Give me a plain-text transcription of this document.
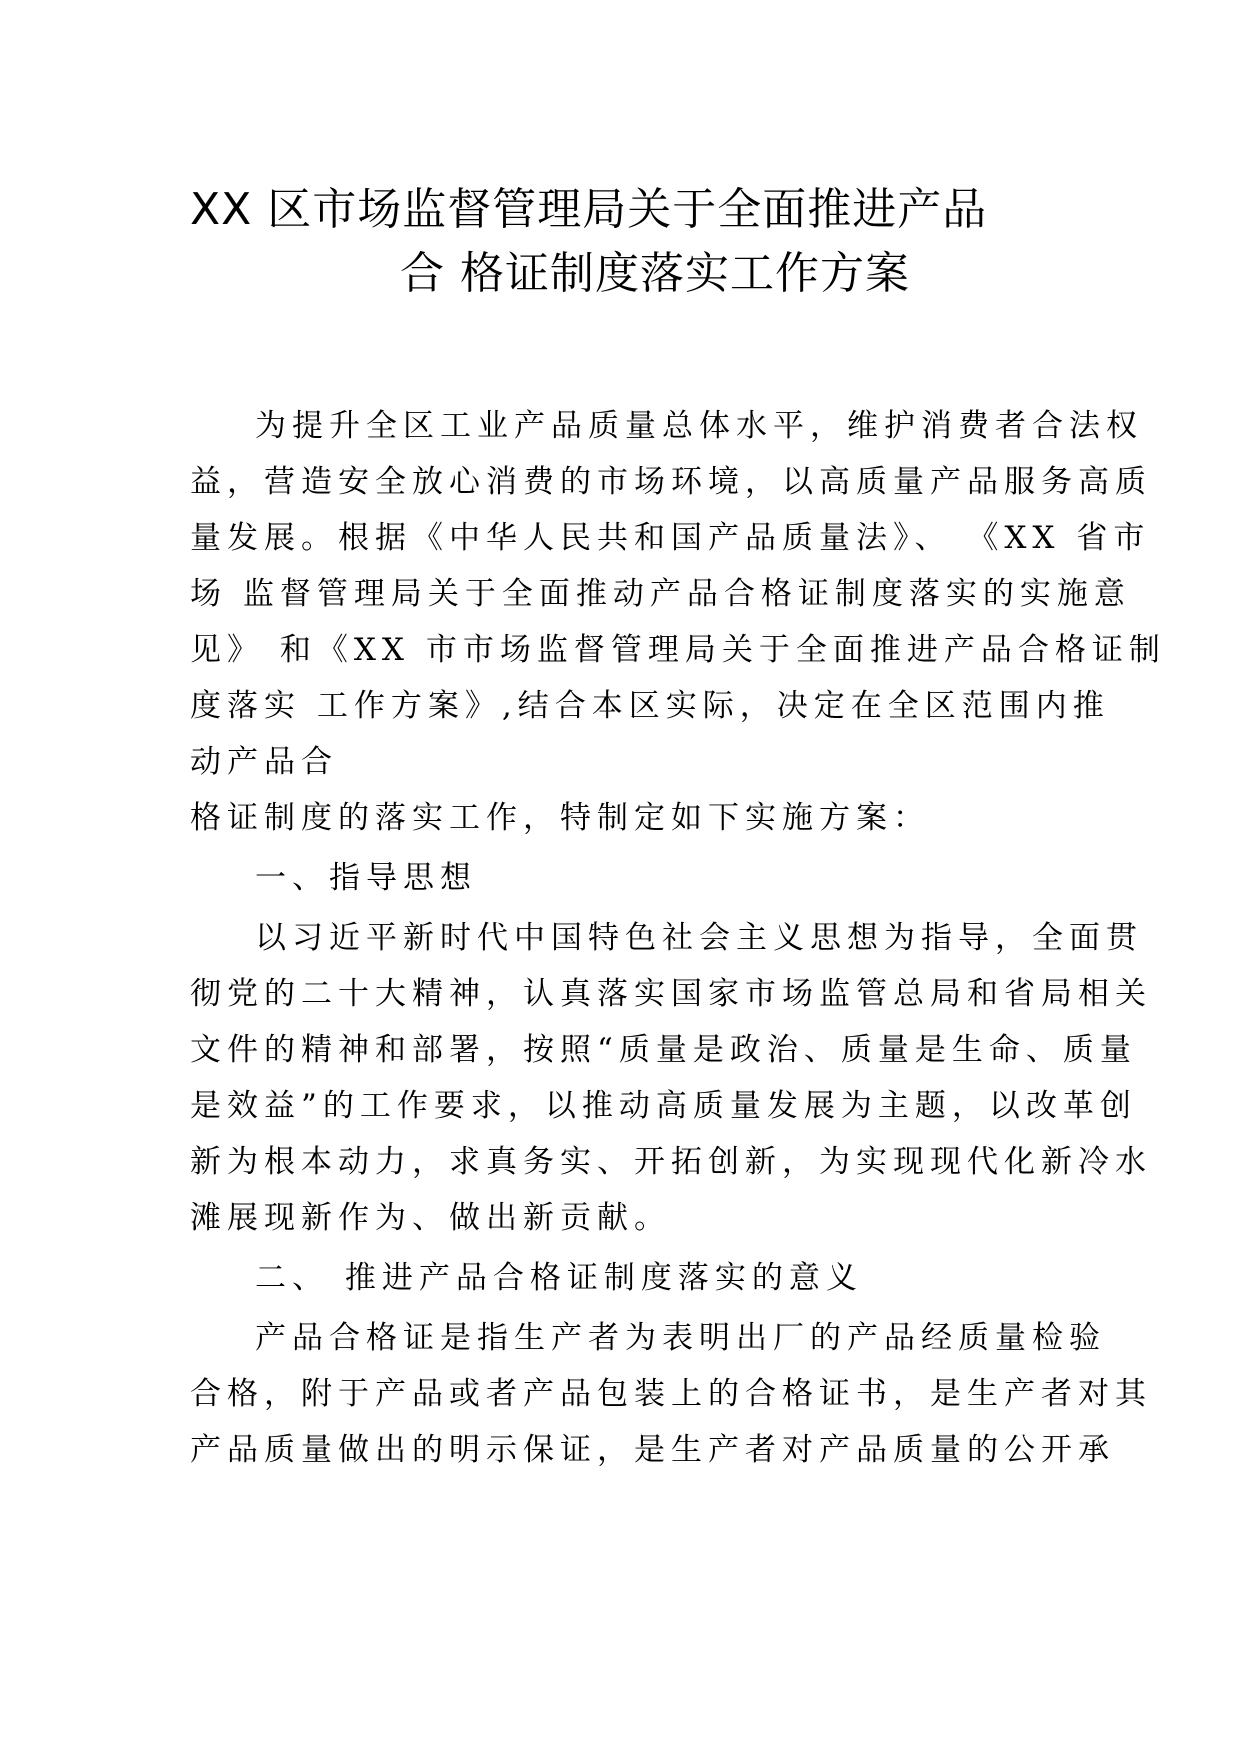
XX 区市场监督管理局关于全面推进产品
合 格证制度落实工作方案
为提升全区工业产品质量总体水平，维护消费者合法权
益，营造安全放心消费的市场环境，以高质量产品服务高质
量发展。根据《中华人民共和国产品质量法》、 《XX 省市
场 监督管理局关于全面推动产品合格证制度落实的实施意
见》 和《XX 市市场监督管理局关于全面推进产品合格证制
度落实 工作方案》,结合本区实际，决定在全区范围内推
动产品合
格证制度的落实工作，特制定如下实施方案：
一、指导思想
以习近平新时代中国特色社会主义思想为指导，全面贯
彻党的二十大精神，认真落实国家市场监管总局和省局相关
文件的精神和部署，按照“质量是政治、质量是生命、质量
是效益”的工作要求，以推动高质量发展为主题，以改革创
新为根本动力，求真务实、开拓创新，为实现现代化新冷水
滩展现新作为、做出新贡献。
二、 推进产品合格证制度落实的意义
产品合格证是指生产者为表明出厂的产品经质量检验
合格，附于产品或者产品包装上的合格证书，是生产者对其
产品质量做出的明示保证，是生产者对产品质量的公开承
